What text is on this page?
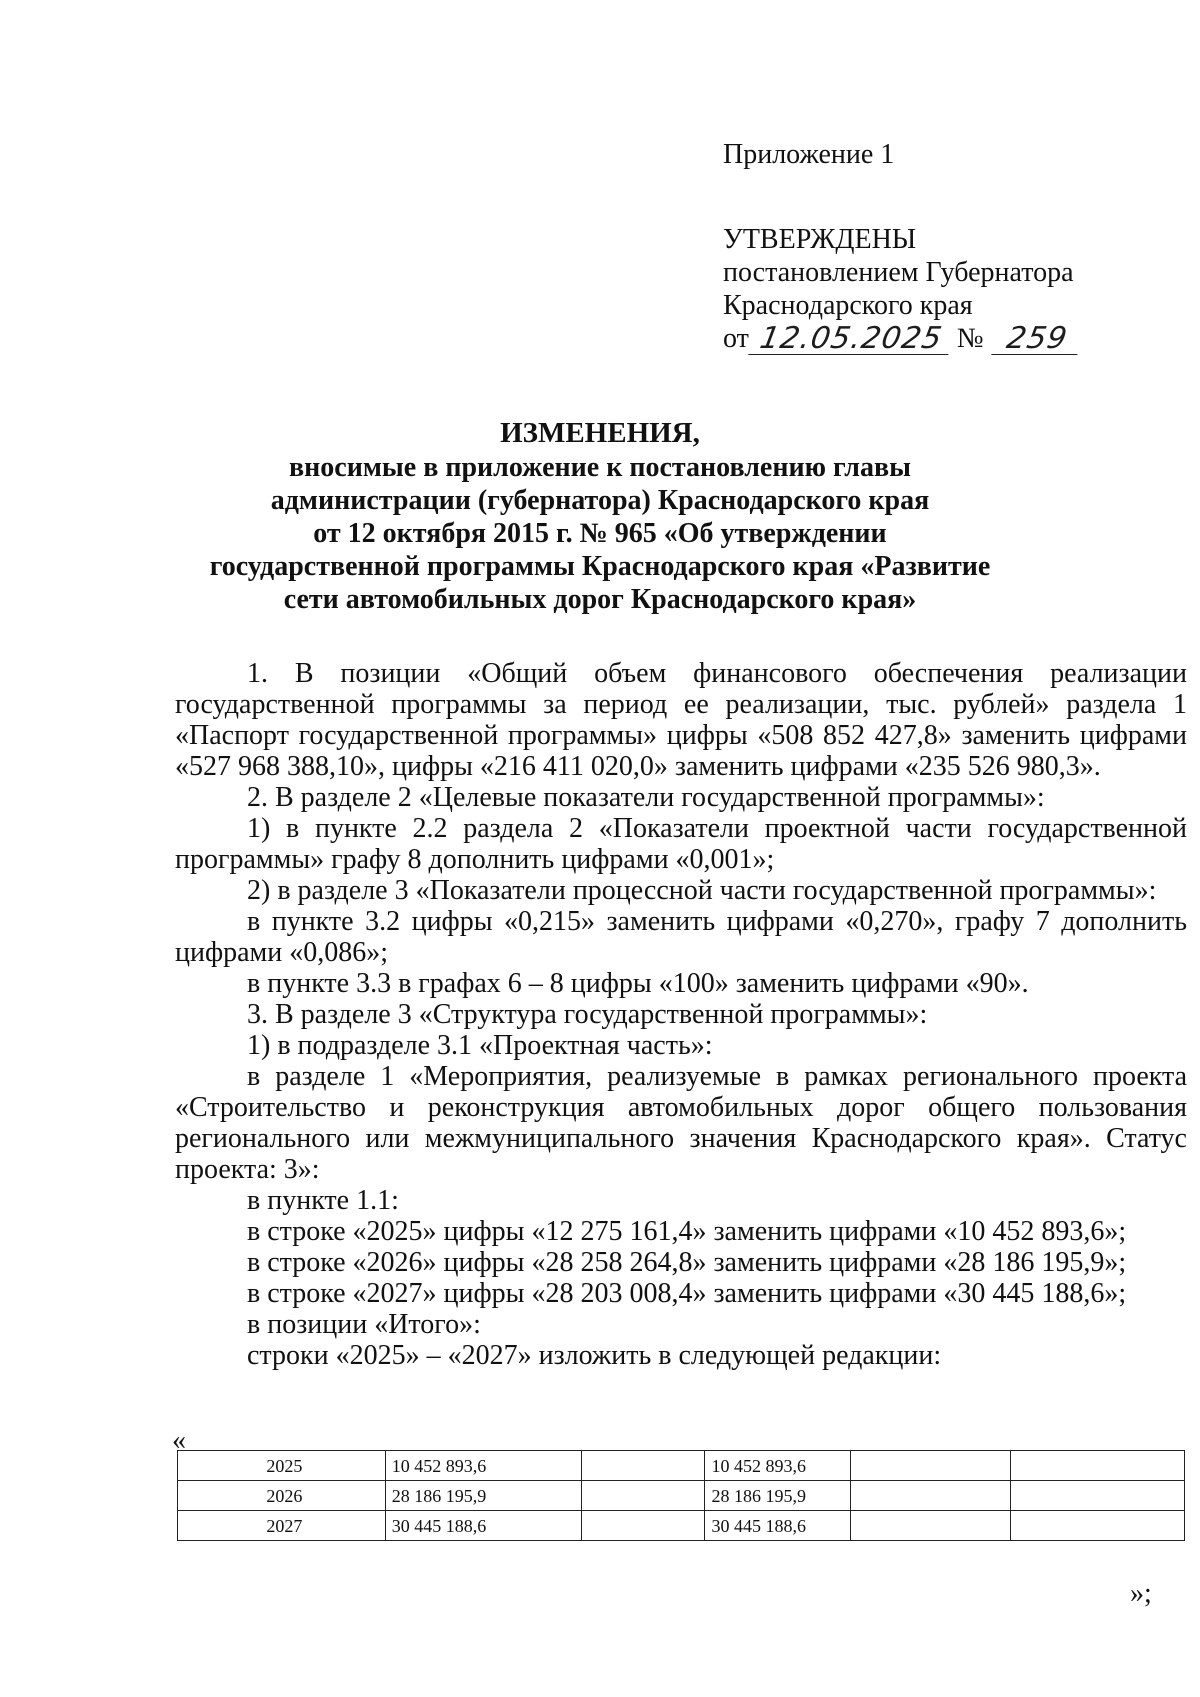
Приложение 1
УТВЕРЖДЕНЫ
постановлением Губернатора
Краснодарского края
от 12.05.2025 № 259
ИЗМЕНЕНИЯ,
вносимые в приложение к постановлению главы
администрации (губернатора) Краснодарского края
от 12 октября 2015 г. № 965 «Об утверждении
государственной программы Краснодарского края «Развитие
сети автомобильных дорог Краснодарского края»

1. В позиции «Общий объем финансового обеспечения реализации государственной программы за период ее реализации, тыс. рублей» раздела 1 «Паспорт государственной программы» цифры «508 852 427,8» заменить цифрами «527 968 388,10», цифры «216 411 020,0» заменить цифрами «235 526 980,3».

2. В разделе 2 «Целевые показатели государственной программы»:

1) в пункте 2.2 раздела 2 «Показатели проектной части государственной программы» графу 8 дополнить цифрами «0,001»;

2) в разделе 3 «Показатели процессной части государственной программы»:

в пункте 3.2 цифры «0,215» заменить цифрами «0,270», графу 7 дополнить цифрами «0,086»;

в пункте 3.3 в графах 6 – 8 цифры «100» заменить цифрами «90».

3. В разделе 3 «Структура государственной программы»:

1) в подразделе 3.1 «Проектная часть»:

в разделе 1 «Мероприятия, реализуемые в рамках регионального проекта «Строительство и реконструкция автомобильных дорог общего пользования регионального или межмуниципального значения Краснодарского края». Статус проекта: 3»:

в пункте 1.1:

в строке «2025» цифры «12 275 161,4» заменить цифрами «10 452 893,6»;

в строке «2026» цифры «28 258 264,8» заменить цифрами «28 186 195,9»;

в строке «2027» цифры «28 203 008,4» заменить цифрами «30 445 188,6»;

в позиции «Итого»:

строки «2025» – «2027» изложить в следующей редакции:

«
2025	10 452 893,6		10 452 893,6		
2026	28 186 195,9		28 186 195,9		
2027	30 445 188,6		30 445 188,6		
»;
